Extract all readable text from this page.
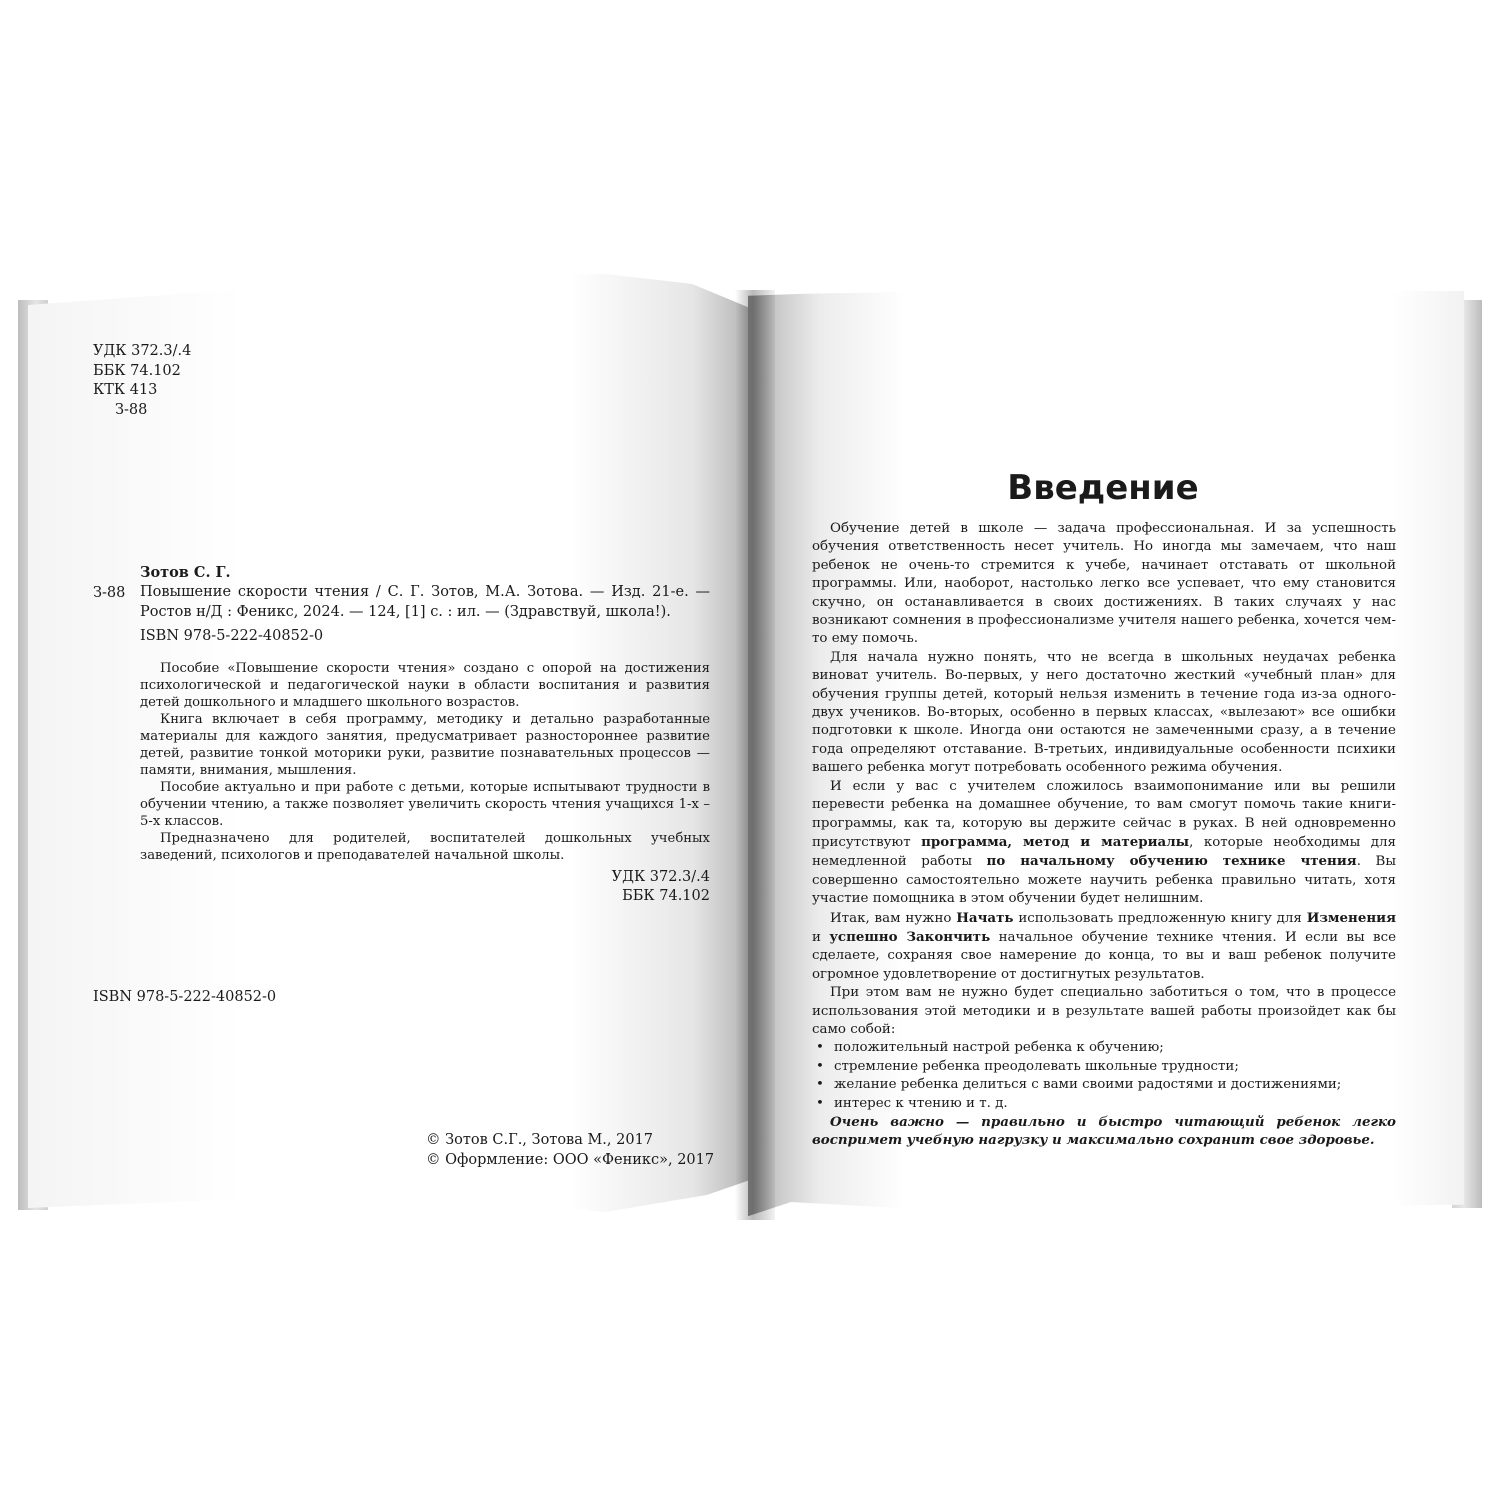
УДК 372.3/.4
ББК 74.102
КТК 413
З-88
Зотов С. Г.
З-88 Повышение скорости чтения / С. Г. Зотов, М.А. Зотова. — Изд. 21-е. — Ростов н/Д : Феникс, 2024. — 124, [1] с. : ил. — (Здравствуй, школа!).
ISBN 978-5-222-40852-0

Пособие «Повышение скорости чтения» создано с опорой на достижения психологической и педагогической науки в области воспитания и развития детей дошкольного и младшего школьного возрастов.

Книга включает в себя программу, методику и детально разработанные материалы для каждого занятия, предусматривает разностороннее развитие детей, развитие тонкой моторики руки, развитие познавательных процессов — памяти, внимания, мышления.

Пособие актуально и при работе с детьми, которые испытывают трудности в обучении чтению, а также позволяет увеличить скорость чтения учащихся 1-х – 5-х классов.

Предназначено для родителей, воспитателей дошкольных учебных заведений, психологов и преподавателей начальной школы.

УДК 372.3/.4
ББК 74.102
ISBN 978-5-222-40852-0
© Зотов С.Г., Зотова М., 2017
© Оформление: ООО «Феникс», 2017
Введение

Обучение детей в школе — задача профессиональная. И за успешность обучения ответственность несет учитель. Но иногда мы замечаем, что наш ребенок не очень-то стремится к учебе, начинает отставать от школьной программы. Или, наоборот, настолько легко все успевает, что ему становится скучно, он останавливается в своих достижениях. В таких случаях у нас возникают сомнения в профессионализме учителя нашего ребенка, хочется чем-то ему помочь.

Для начала нужно понять, что не всегда в школьных неудачах ребенка виноват учитель. Во-первых, у него достаточно жесткий «учебный план» для обучения группы детей, который нельзя изменить в течение года из-за одного-двух учеников. Во-вторых, особенно в первых классах, «вылезают» все ошибки подготовки к школе. Иногда они остаются не замеченными сразу, а в течение года определяют отставание. В-третьих, индивидуальные особенности психики вашего ребенка могут потребовать особенного режима обучения.

И если у вас с учителем сложилось взаимопонимание или вы решили перевести ребенка на домашнее обучение, то вам смогут помочь такие книги-программы, как та, которую вы держите сейчас в руках. В ней одновременно присутствуют программа, метод и материалы, которые необходимы для немедленной работы по начальному обучению технике чтения. Вы совершенно самостоятельно можете научить ребенка правильно читать, хотя участие помощника в этом обучении будет нелишним.

Итак, вам нужно Начать использовать предложенную книгу для Изменения и успешно Закончить начальное обучение технике чтения. И если вы все сделаете, сохраняя свое намерение до конца, то вы и ваш ребенок получите огромное удовлетворение от достигнутых результатов.

При этом вам не нужно будет специально заботиться о том, что в процессе использования этой методики и в результате вашей работы произойдет как бы само собой:

• положительный настрой ребенка к обучению;
• стремление ребенка преодолевать школьные трудности;
• желание ребенка делиться с вами своими радостями и достижениями;
• интерес к чтению и т. д.

Очень важно — правильно и быстро читающий ребенок легко воспримет учебную нагрузку и максимально сохранит свое здоровье.
